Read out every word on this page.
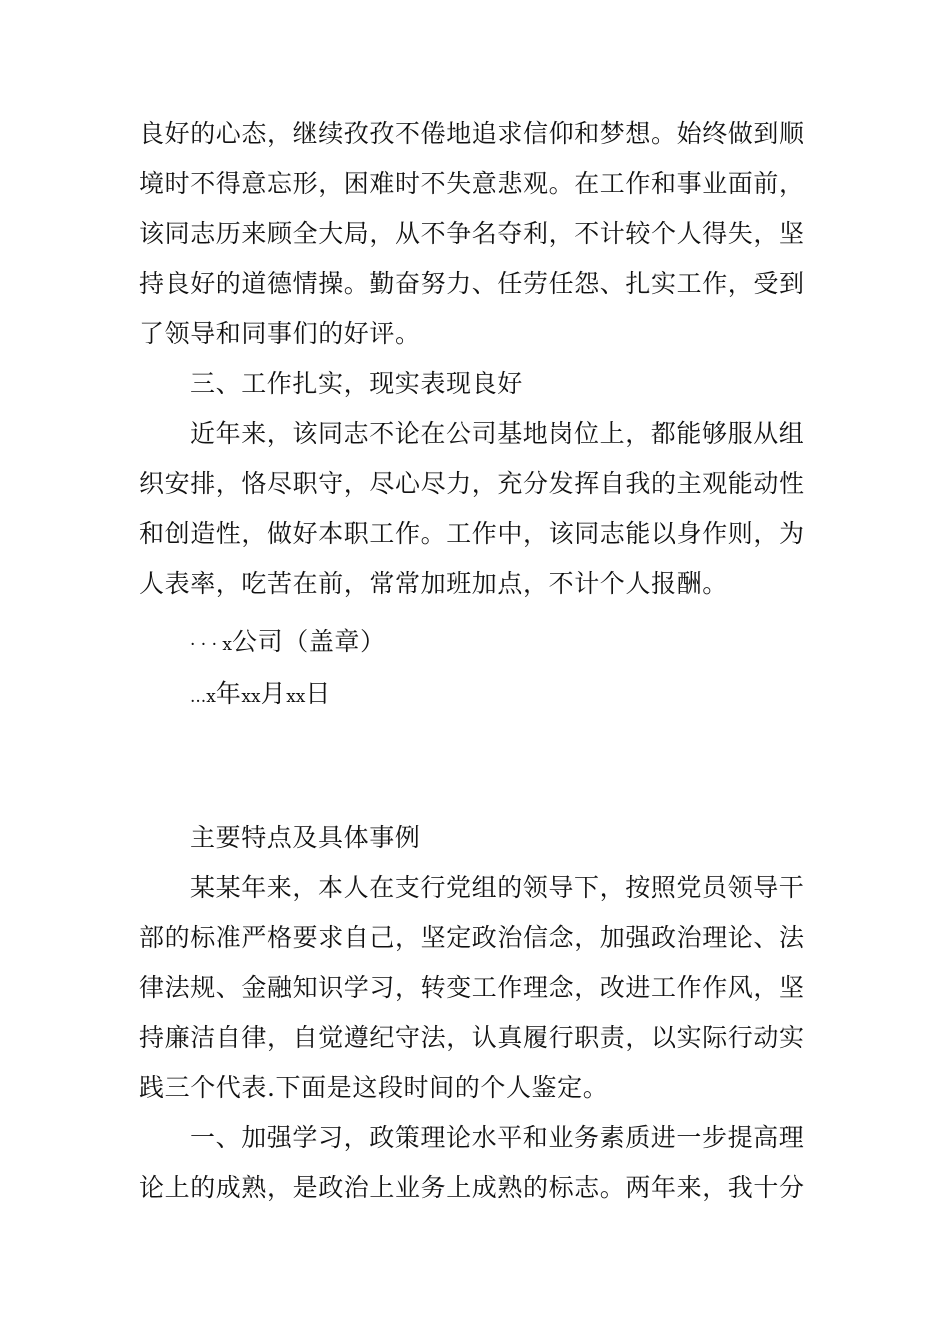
良好的心态，继续孜孜不倦地追求信仰和梦想。始终做到顺
境时不得意忘形，困难时不失意悲观。在工作和事业面前，
该同志历来顾全大局，从不争名夺利，不计较个人得失，坚
持良好的道德情操。勤奋努力、任劳任怨、扎实工作，受到
了领导和同事们的好评。
三、工作扎实，现实表现良好
近年来，该同志不论在公司基地岗位上，都能够服从组
织安排，恪尽职守，尽心尽力，充分发挥自我的主观能动性
和创造性，做好本职工作。工作中，该同志能以身作则，为
人表率，吃苦在前，常常加班加点，不计个人报酬。
· · · x公司（盖章）
...x年xx月xx日
主要特点及具体事例
某某年来，本人在支行党组的领导下，按照党员领导干
部的标准严格要求自己，坚定政治信念，加强政治理论、法
律法规、金融知识学习，转变工作理念，改进工作作风，坚
持廉洁自律，自觉遵纪守法，认真履行职责，以实际行动实
践三个代表.下面是这段时间的个人鉴定。
一、加强学习，政策理论水平和业务素质进一步提高理
论上的成熟，是政治上业务上成熟的标志。两年来，我十分
